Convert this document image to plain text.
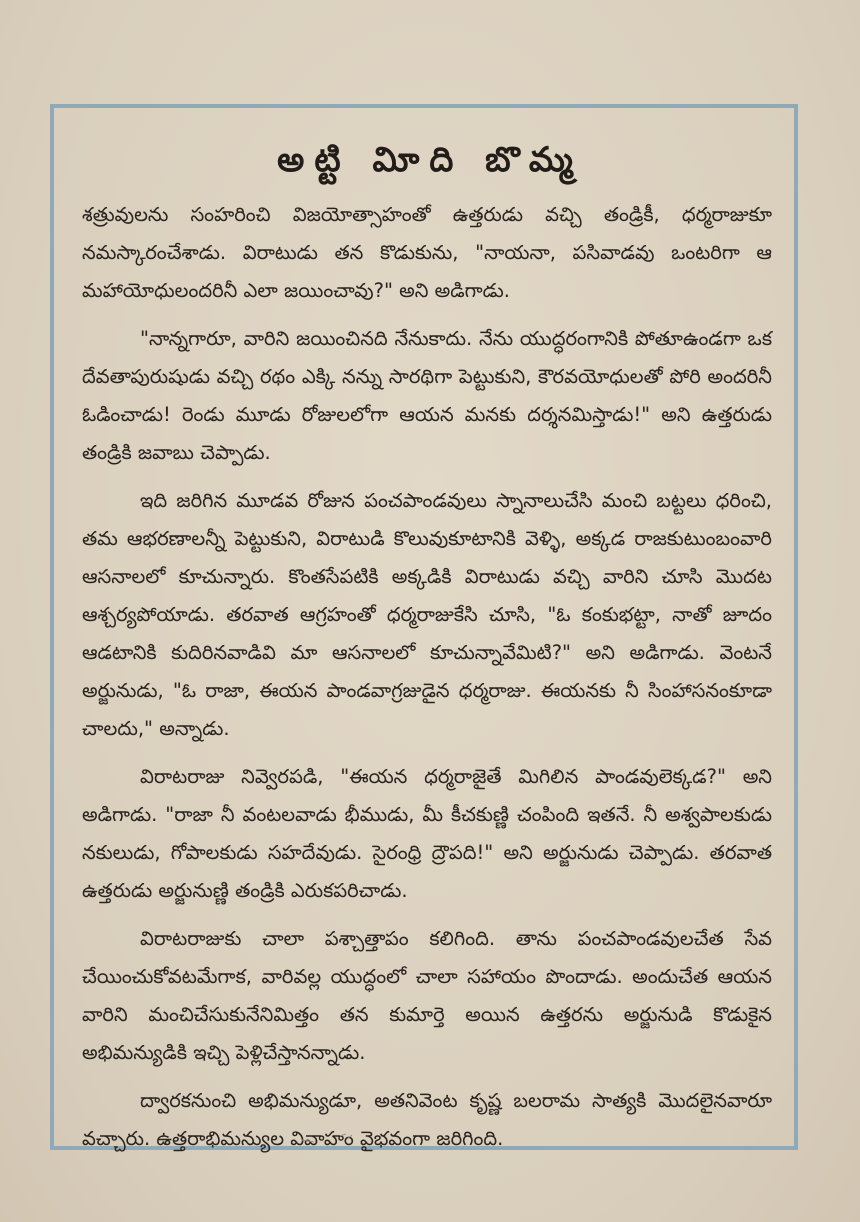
అట్టి విూది బొమ్మ

శత్రువులను సంహరించి విజయోత్సాహంతో ఉత్తరుడు వచ్చి తండ్రికీ, ధర్మరాజుకూ నమస్కారంచేశాడు. విరాటుడు తన కొడుకును, "నాయనా, పసివాడవు ఒంటరిగా ఆ మహాయోధులందరినీ ఎలా జయించావు?" అని అడిగాడు.

"నాన్నగారూ, వారిని జయించినది నేనుకాదు. నేను యుద్ధరంగానికి పోతూఉండగా ఒక దేవతాపురుషుడు వచ్చి రథం ఎక్కి నన్ను సారథిగా పెట్టుకుని, కౌరవయోధులతో పోరి అందరినీ ఓడించాడు! రెండు మూడు రోజులలోగా ఆయన మనకు దర్శనమిస్తాడు!" అని ఉత్తరుడు తండ్రికి జవాబు చెప్పాడు.

ఇది జరిగిన మూడవ రోజున పంచపాండవులు స్నానాలుచేసి మంచి బట్టలు ధరించి, తమ ఆభరణాలన్నీ పెట్టుకుని, విరాటుడి కొలువుకూటానికి వెళ్ళి, అక్కడ రాజకుటుంబంవారి ఆసనాలలో కూచున్నారు. కొంతసేపటికి అక్కడికి విరాటుడు వచ్చి వారిని చూసి మొదట ఆశ్చర్యపోయాడు. తరవాత ఆగ్రహంతో ధర్మరాజుకేసి చూసి, "ఓ కంకుభట్టా, నాతో జూదం ఆడటానికి కుదిరినవాడివి మా ఆసనాలలో కూచున్నావేమిటి?" అని అడిగాడు. వెంటనే అర్జునుడు, "ఓ రాజా, ఈయన పాండవాగ్రజుడైన ధర్మరాజు. ఈయనకు నీ సింహాసనంకూడా చాలదు," అన్నాడు.

విరాటరాజు నివ్వెరపడి, "ఈయన ధర్మరాజైతే మిగిలిన పాండవులెక్కడ?" అని అడిగాడు. "రాజా నీ వంటలవాడు భీముడు, మీ కీచకుణ్ణి చంపింది ఇతనే. నీ అశ్వపాలకుడు నకులుడు, గోపాలకుడు సహదేవుడు. సైరంధ్రి ద్రౌపది!" అని అర్జునుడు చెప్పాడు. తరవాత ఉత్తరుడు అర్జునుణ్ణి తండ్రికి ఎరుకపరిచాడు.

విరాటరాజుకు చాలా పశ్చాత్తాపం కలిగింది. తాను పంచపాండవులచేత సేవ చేయించుకోవటమేగాక, వారివల్ల యుద్ధంలో చాలా సహాయం పొందాడు. అందుచేత ఆయన వారిని మంచిచేసుకునేనిమిత్తం తన కుమార్తె అయిన ఉత్తరను అర్జునుడి కొడుకైన అభిమన్యుడికి ఇచ్చి పెళ్లిచేస్తానన్నాడు.

ద్వారకనుంచి అభిమన్యుడూ, అతనివెంట కృష్ణ బలరామ సాత్యకి మొదలైనవారూ వచ్చారు. ఉత్తరాభిమన్యుల వివాహం వైభవంగా జరిగింది.
